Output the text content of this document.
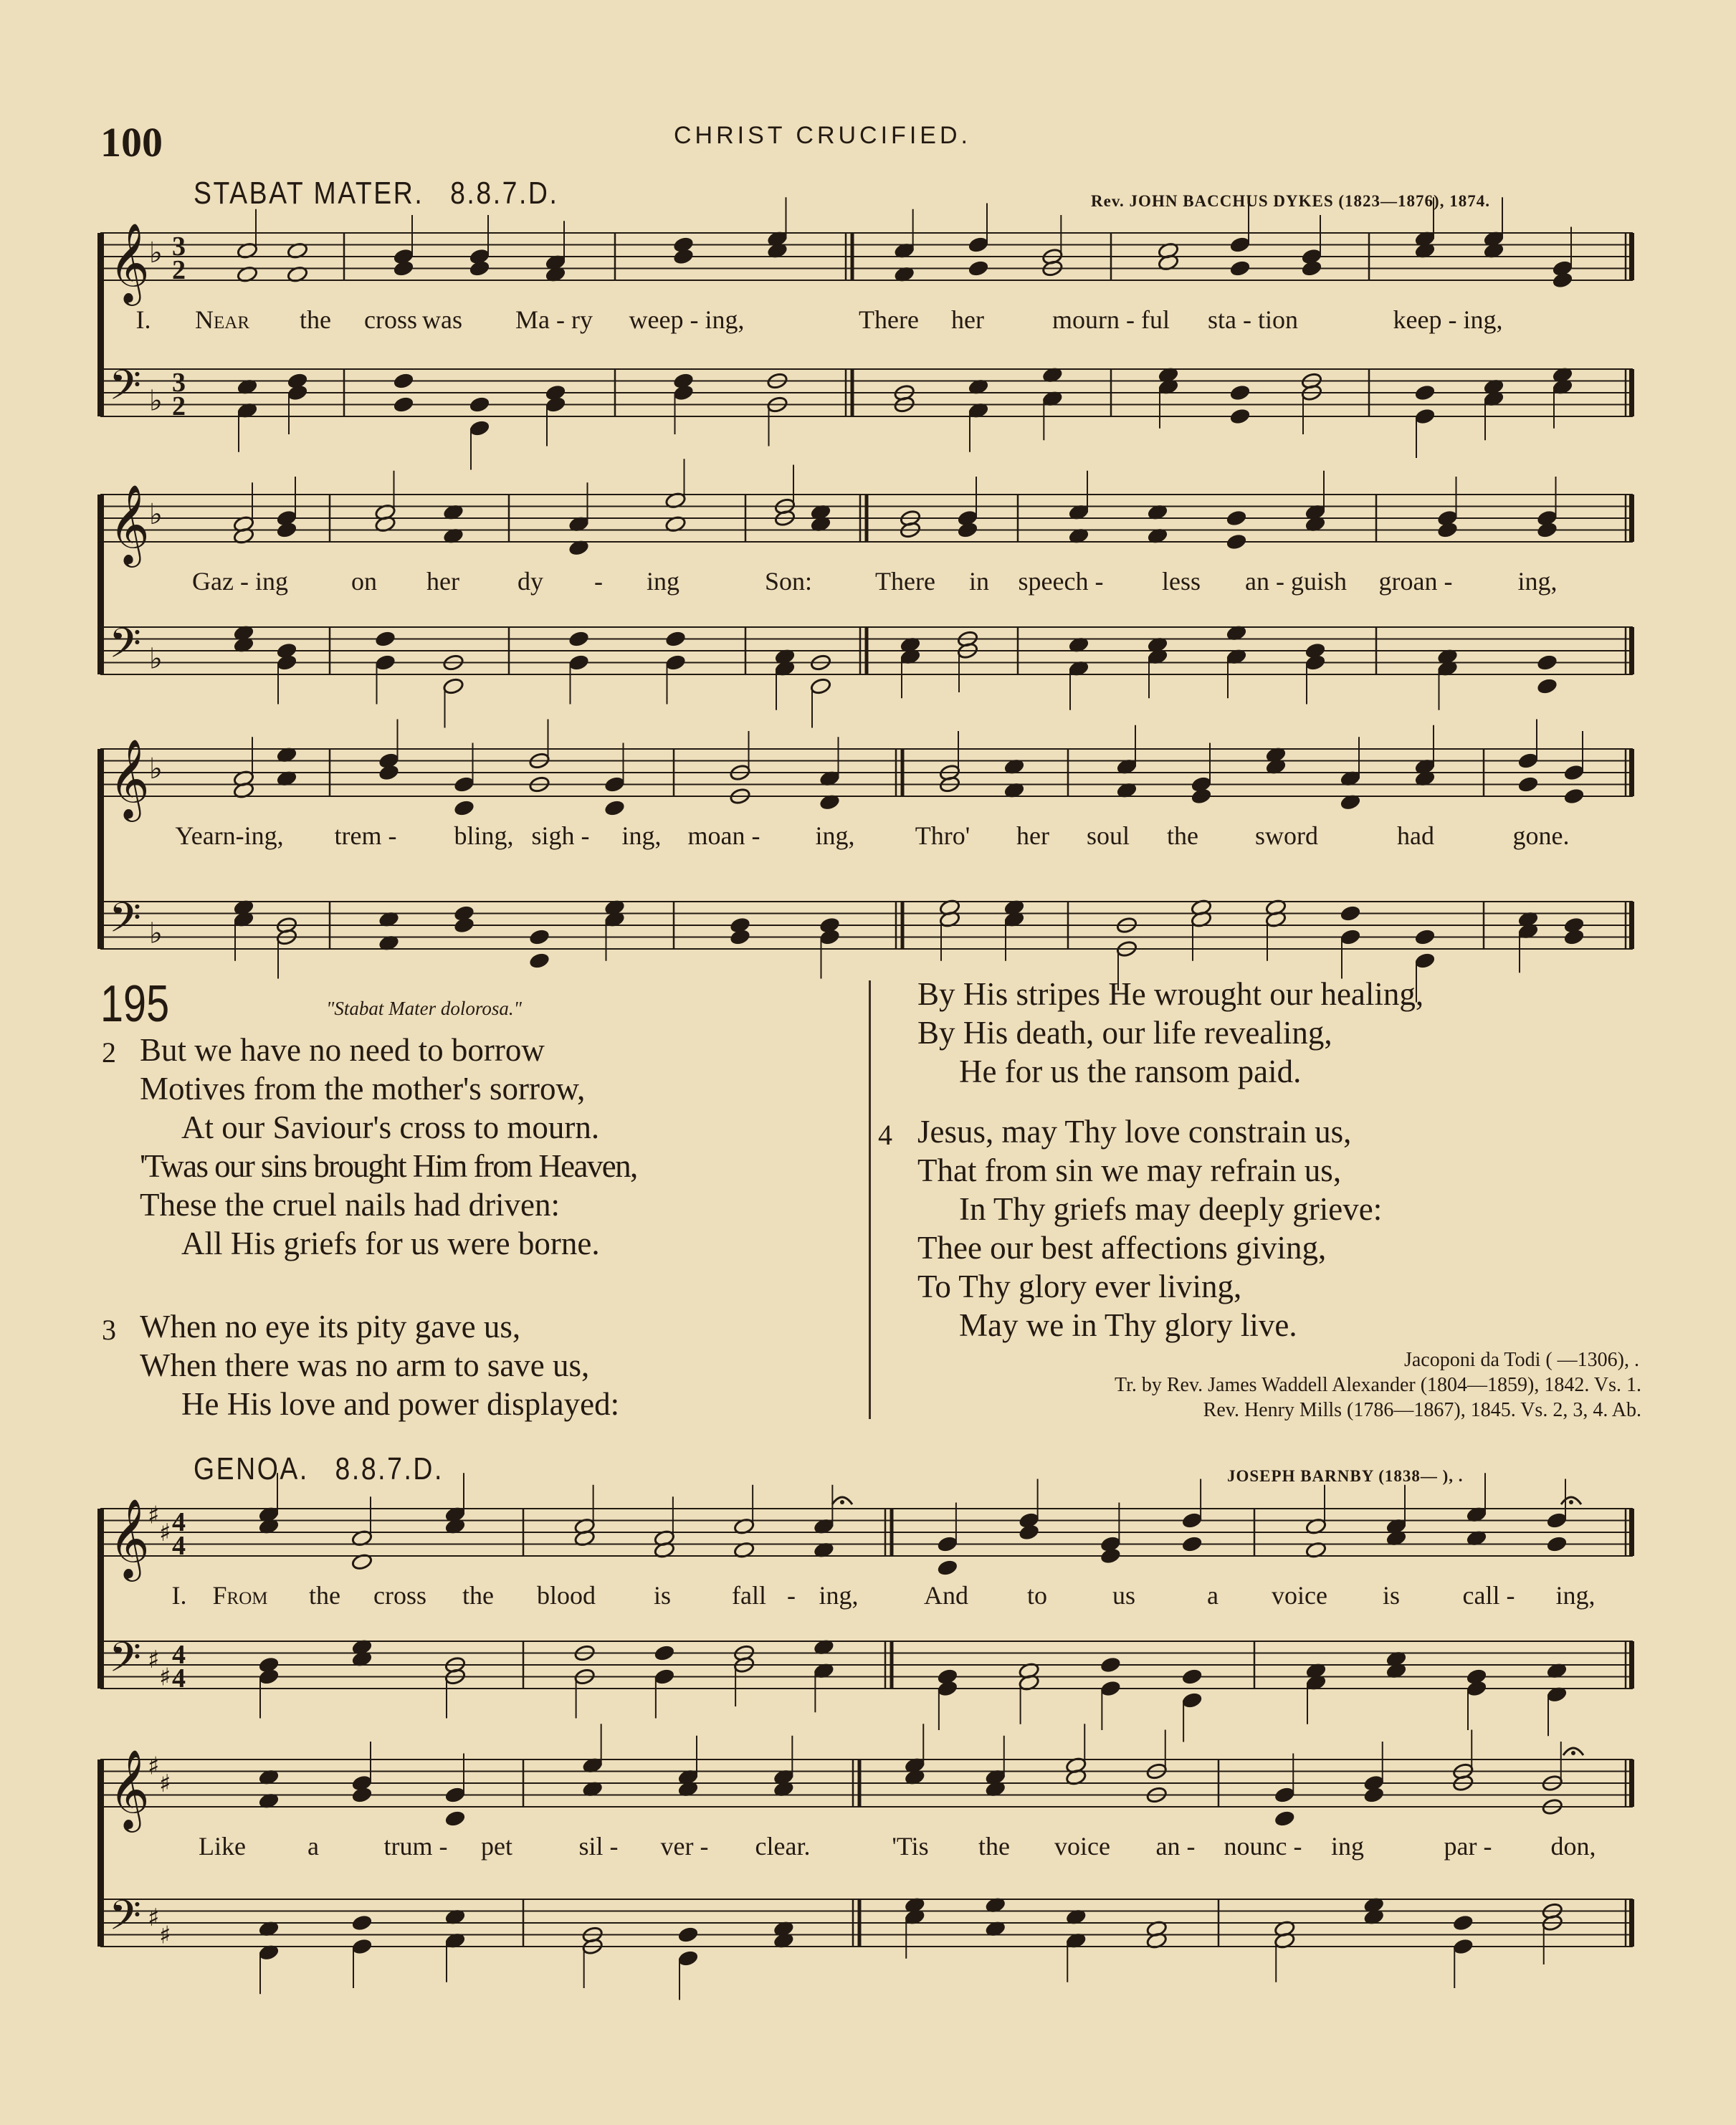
100	CHRIST CRUCIFIED.
STABAT MATER. 8.8.7.D.	Rev. JOHN BACCHUS DYKES (1823—1876), 1874.
𝄞 ♭ 3
2
𝄢 ♭
3
2
I. Near the cross was Ma - ry weep - ing,	There her	mourn - ful sta - tion	keep - ing,
𝄞 ♭
𝄢 ♭
Gaz - ing on her dy - ing	Son: There in speech - less an - guish groan -	ing,
𝄞 ♭
𝄢 ♭
Yearn-ing, trem - bling, sigh - ing, moan - ing, Thro' her soul the sword	had	gone.
195	"Stabat Mater dolorosa."
2 But we have no need to borrow
Motives from the mother's sorrow,
At our Saviour's cross to mourn.
'Twas our sins brought Him from Heaven,
These the cruel nails had driven:
All His griefs for us were borne.
3 When no eye its pity gave us,
When there was no arm to save us,
He His love and power displayed:
By His stripes He wrought our healing,
By His death, our life revealing,
He for us the ransom paid.
4 Jesus, may Thy love constrain us,
That from sin we may refrain us,
In Thy griefs may deeply grieve:
Thee our best affections giving,
To Thy glory ever living,
May we in Thy glory live.
Jacoponi da Todi ( —1306), .
Tr. by Rev. James Waddell Alexander (1804—1859), 1842. Vs. 1.
Rev. Henry Mills (1786—1867), 1845. Vs. 2, 3, 4. Ab.
GENOA. 8.8.7.D.	JOSEPH BARNBY (1838— ), .
𝄞
♯
♯ 4
4
𝄢 ♯
♯
4
4
I. From the cross the blood is fall - ing,	And to	us	a voice is call - ing,
𝄞
♯
♯
𝄢 ♯
♯
Like a	trum - pet	sil - ver - clear.	'Tis the voice an - nounc - ing	par - don,
